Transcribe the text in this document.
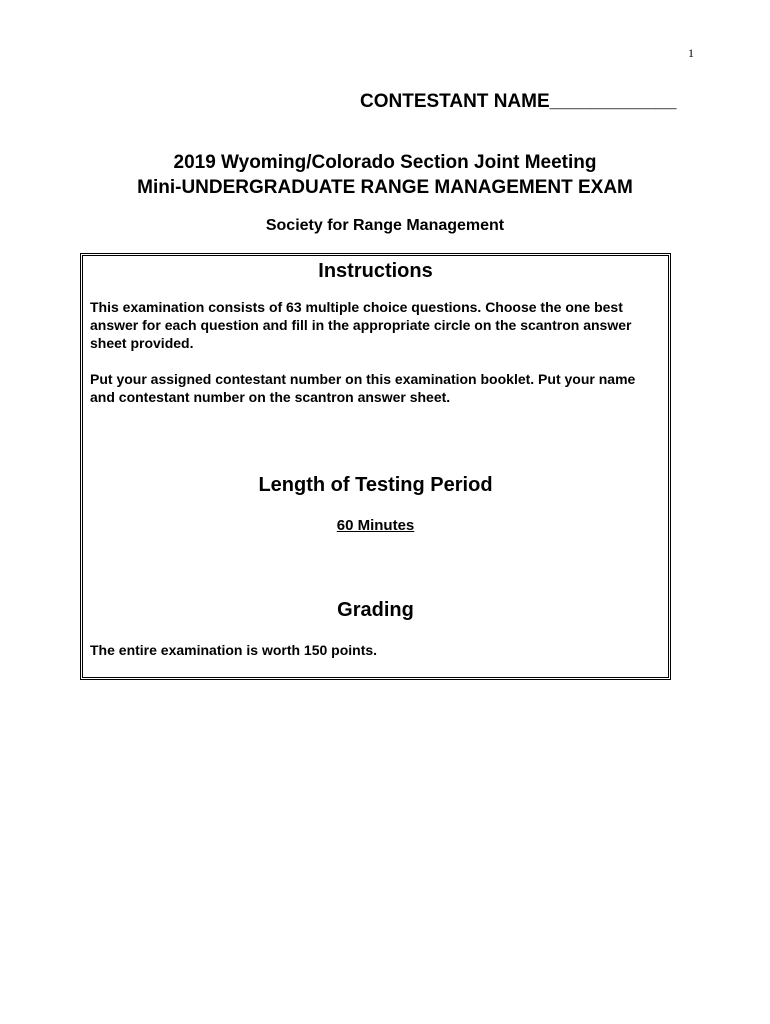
1
CONTESTANT NAME____________
2019 Wyoming/Colorado Section Joint Meeting
Mini-UNDERGRADUATE RANGE MANAGEMENT EXAM
Society for Range Management
Instructions
This examination consists of 63 multiple choice questions. Choose the one best answer for each question and fill in the appropriate circle on the scantron answer sheet provided.
Put your assigned contestant number on this examination booklet. Put your name and contestant number on the scantron answer sheet.
Length of Testing Period
60 Minutes
Grading
The entire examination is worth 150 points.
